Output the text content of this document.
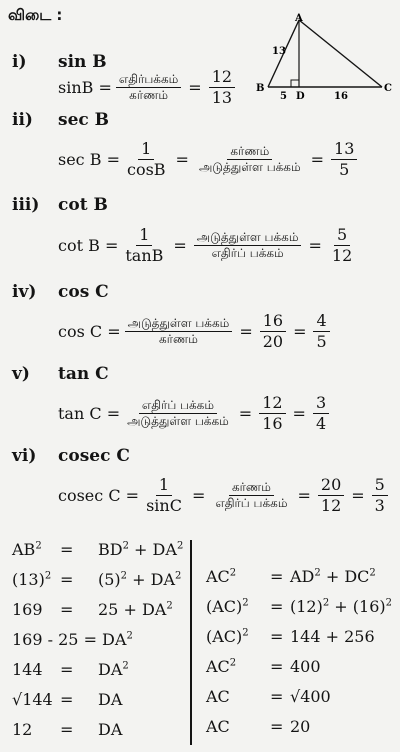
விடை :	A
B	C
D
13
5	16
i) sin B
$\sin B = \frac{\text{எதிர்பக்கம்}}{\text{கர்ணம்}} = \frac{12}{13}$
ii) sec B
$\sec B = \frac{1}{\cos B} = \frac{\text{கர்ணம்}}{\text{அடுத்துள்ள பக்கம்}} = \frac{13}{5}$
iii) cot B
$\cot B = \frac{1}{\tan B} = \frac{\text{அடுத்துள்ள பக்கம்}}{\text{எதிர்ப் பக்கம்}} = \frac{5}{12}$
iv) cos C
$\cos C = \frac{\text{அடுத்துள்ள பக்கம்}}{\text{கர்ணம்}} = \frac{16}{20} = \frac{4}{5}$
v) tan C
$\tan C = \frac{\text{எதிர்ப் பக்கம்}}{\text{அடுத்துள்ள பக்கம்}} = \frac{12}{16} = \frac{3}{4}$
vi) cosec C
cosec $C = \frac{1}{\sin C} = \frac{\text{கர்ணம்}}{\text{எதிர்ப் பக்கம்}} = \frac{20}{12} = \frac{5}{3}$
$AB^2 = BD^2 + DA^2$
$(13)^2 = (5)^2 + DA^2$
$169 = 25 + DA^2$
$169 - 25 = DA^2$
$144 = DA^2$
√144 = DA
12 = DA
$AC^2 = AD^2 + DC^2$
$(AC)^2 = (12)^2 + (16)^2$
(AC)$^2$ = 144 + 256
$AC^2 = 400$
AC	= √400
AC	= 20
